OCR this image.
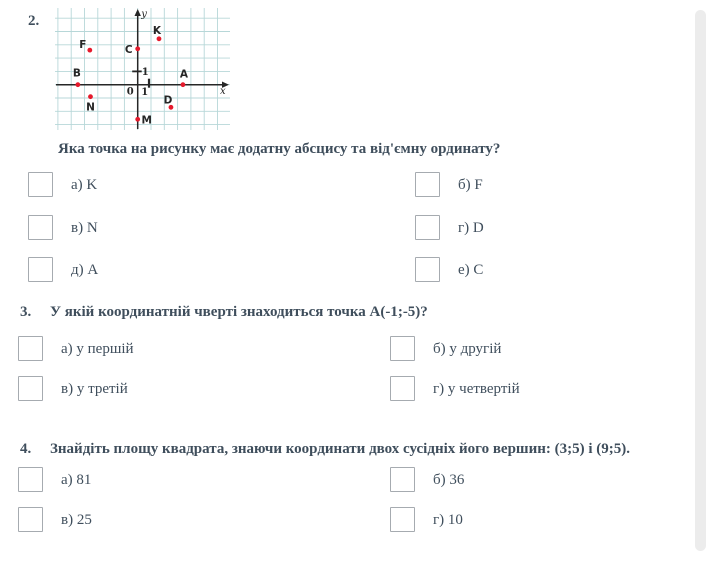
2.
0 1
1
x
y
K
C
F
B	A
N
D
M
Яка точка на рисунку має додатну абсцису та від'ємну ординату?
а) K	б) F
в) N	г) D
д) A	е) C
3. У якій координатній чверті знаходиться точка A(-1;-5)?
а) у першій	б) у другій
в) у третій	г) у четвертій
4. Знайдіть площу квадрата, знаючи координати двох сусідніх його вершин: (3;5) і (9;5).
а) 81	б) 36
в) 25	г) 10
